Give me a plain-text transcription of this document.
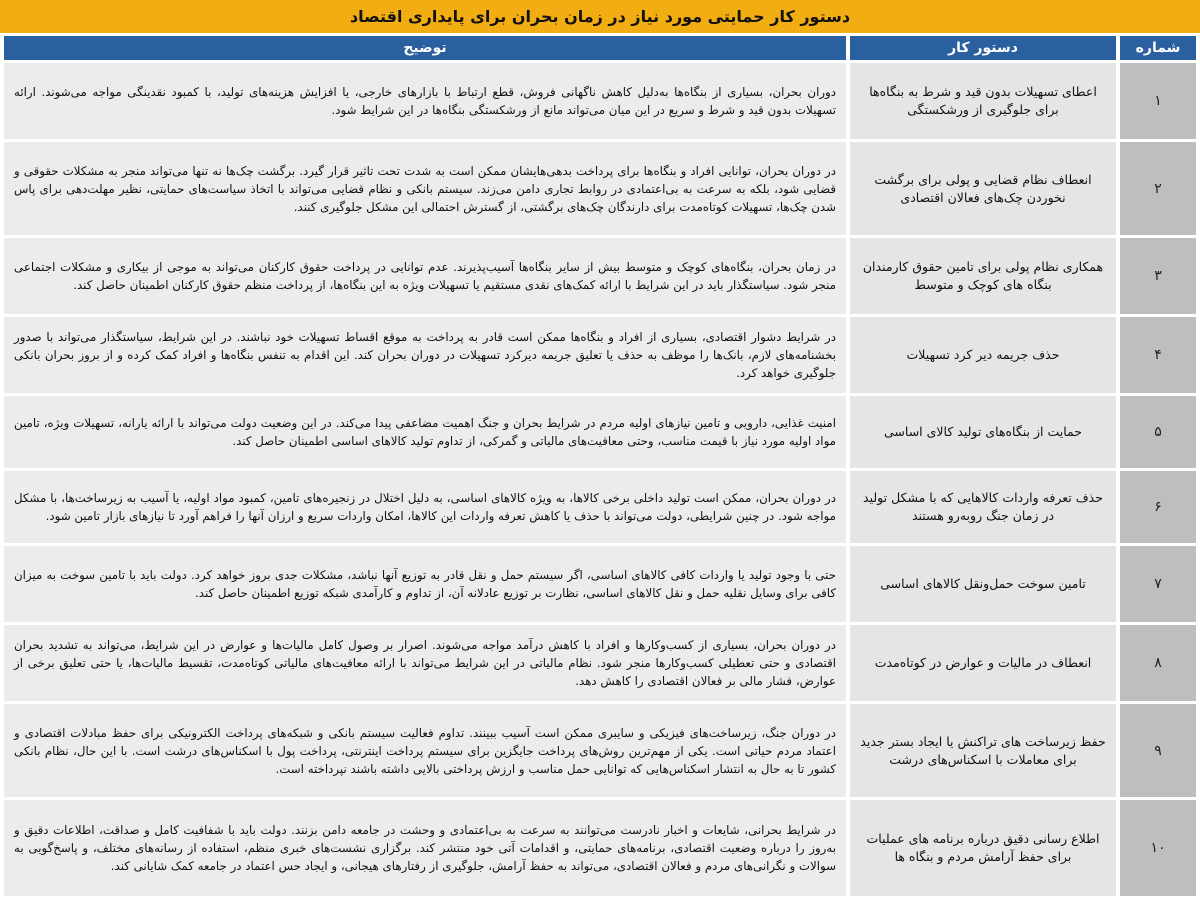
دستور کار حمایتی مورد نیاز در زمان بحران برای پایداری اقتصاد
شماره	دستور کار	توضیح
۱	اعطای تسهیلات بدون قید و شرط به بنگاه‌ها برای جلوگیری از ورشکستگی	دوران بحران، بسیاری از بنگاه‌ها به‌دلیل کاهش ناگهانی فروش، قطع ارتباط با بازارهای خارجی، یا افزایش هزینه‌های تولید، با کمبود نقدینگی مواجه می‌شوند. ارائه تسهیلات بدون قید و شرط و سریع در این میان می‌تواند مانع از ورشکستگی بنگاه‌ها در این شرایط شود.
۲	انعطاف نظام قضایی و پولی برای برگشت نخوردن چک‌های فعالان اقتصادی	در دوران بحران، توانایی افراد و بنگاه‌ها برای پرداخت بدهی‌هایشان ممکن است به شدت تحت تاثیر قرار گیرد. برگشت چک‌ها نه تنها می‌تواند منجر به مشکلات حقوقی و قضایی شود، بلکه به سرعت به بی‌اعتمادی در روابط تجاری دامن می‌زند. سیستم بانکی و نظام قضایی می‌تواند با اتخاذ سیاست‌های حمایتی، نظیر مهلت‌دهی برای پاس شدن چک‌ها، تسهیلات کوتاه‌مدت برای دارندگان چک‌های برگشتی، از گسترش احتمالی این مشکل جلوگیری کنند.
۳	همکاری نظام پولی برای تامین حقوق کارمندان بنگاه های کوچک و متوسط	در زمان بحران، بنگاه‌های کوچک و متوسط بیش از سایر بنگاه‌ها آسیب‌پذیرند. عدم توانایی در پرداخت حقوق کارکنان می‌تواند به موجی از بیکاری و مشکلات اجتماعی منجر شود. سیاستگذار باید در این شرایط با ارائه کمک‌های نقدی مستقیم یا تسهیلات ویژه به این بنگاه‌ها، از پرداخت منظم حقوق کارکنان اطمینان حاصل کند.
۴	حذف جریمه دیر کرد تسهیلات	در شرایط دشوار اقتصادی، بسیاری از افراد و بنگاه‌ها ممکن است قادر به پرداخت به موقع اقساط تسهیلات خود نباشند. در این شرایط، سیاستگذار می‌تواند با صدور بخشنامه‌های لازم، بانک‌ها را موظف به حذف یا تعلیق جریمه دیرکرد تسهیلات در دوران بحران کند. این اقدام به تنفس بنگاه‌ها و افراد کمک کرده و از بروز بحران بانکی جلوگیری خواهد کرد.
۵	حمایت از بنگاه‌های تولید کالای اساسی	امنیت غذایی، دارویی و تامین نیازهای اولیه مردم در شرایط بحران و جنگ اهمیت مضاعفی پیدا می‌کند. در این وضعیت دولت می‌تواند با ارائه یارانه، تسهیلات ویژه، تامین مواد اولیه مورد نیاز با قیمت مناسب، وحتی معافیت‌های مالیاتی و گمرکی، از تداوم تولید کالاهای اساسی اطمینان حاصل کند.
۶	حذف تعرفه واردات کالاهایی که با مشکل تولید در زمان جنگ روبه‌رو هستند	در دوران بحران، ممکن است تولید داخلی برخی کالاها، به ویژه کالاهای اساسی، به دلیل اختلال در زنجیره‌های تامین، کمبود مواد اولیه، یا آسیب به زیرساخت‌ها، با مشکل مواجه شود. در چنین شرایطی، دولت می‌تواند با حذف یا کاهش تعرفه واردات این کالاها، امکان واردات سریع و ارزان آنها را فراهم آورد تا نیازهای بازار تامین شود.
۷	تامین سوخت حمل‌ونقل کالاهای اساسی	حتی با وجود تولید یا واردات کافی کالاهای اساسی، اگر سیستم حمل و نقل قادر به توزیع آنها نباشد، مشکلات جدی بروز خواهد کرد. دولت باید با تامین سوخت به میزان کافی برای وسایل نقلیه حمل و نقل کالاهای اساسی، نظارت بر توزیع عادلانه آن، از تداوم و کارآمدی شبکه توزیع اطمینان حاصل کند.
۸	انعطاف در مالیات و عوارض در کوتاه‌مدت	در دوران بحران، بسیاری از کسب‌وکارها و افراد با کاهش درآمد مواجه می‌شوند. اصرار بر وصول کامل مالیات‌ها و عوارض در این شرایط، می‌تواند به تشدید بحران اقتصادی و حتی تعطیلی کسب‌وکارها منجر شود. نظام مالیاتی در این شرایط می‌تواند با ارائه معافیت‌های مالیاتی کوتاه‌مدت، تقسیط مالیات‌ها، یا حتی تعلیق برخی از عوارض، فشار مالی بر فعالان اقتصادی را کاهش دهد.
۹	حفظ زیرساخت های تراکنش یا ایجاد بستر جدید برای معاملات با اسکناس‌های درشت	در دوران جنگ، زیرساخت‌های فیزیکی و سایبری ممکن است آسیب ببینند. تداوم فعالیت سیستم بانکی و شبکه‌های پرداخت الکترونیکی برای حفظ مبادلات اقتصادی و اعتماد مردم حیاتی است. یکی از مهم‌ترین روش‌های پرداخت جایگزین برای سیستم پرداخت اینترنتی، پرداخت پول با اسکناس‌های درشت است. با این حال، نظام بانکی کشور تا به حال به انتشار اسکناس‌هایی که توانایی حمل مناسب و ارزش پرداختی بالایی داشته باشند نپرداخته است.
۱۰	اطلاع رسانی دقیق درباره برنامه های عملیات برای حفظ آرامش مردم و بنگاه ها	در شرایط بحرانی، شایعات و اخبار نادرست می‌توانند به سرعت به بی‌اعتمادی و وحشت در جامعه دامن بزنند. دولت باید با شفافیت کامل و صداقت، اطلاعات دقیق و به‌روز را درباره وضعیت اقتصادی، برنامه‌های حمایتی، و اقدامات آتی خود منتشر کند. برگزاری نشست‌های خبری منظم، استفاده از رسانه‌های مختلف، و پاسخ‌گویی به سوالات و نگرانی‌های مردم و فعالان اقتصادی، می‌تواند به حفظ آرامش، جلوگیری از رفتارهای هیجانی، و ایجاد حس اعتماد در جامعه کمک شایانی کند.
